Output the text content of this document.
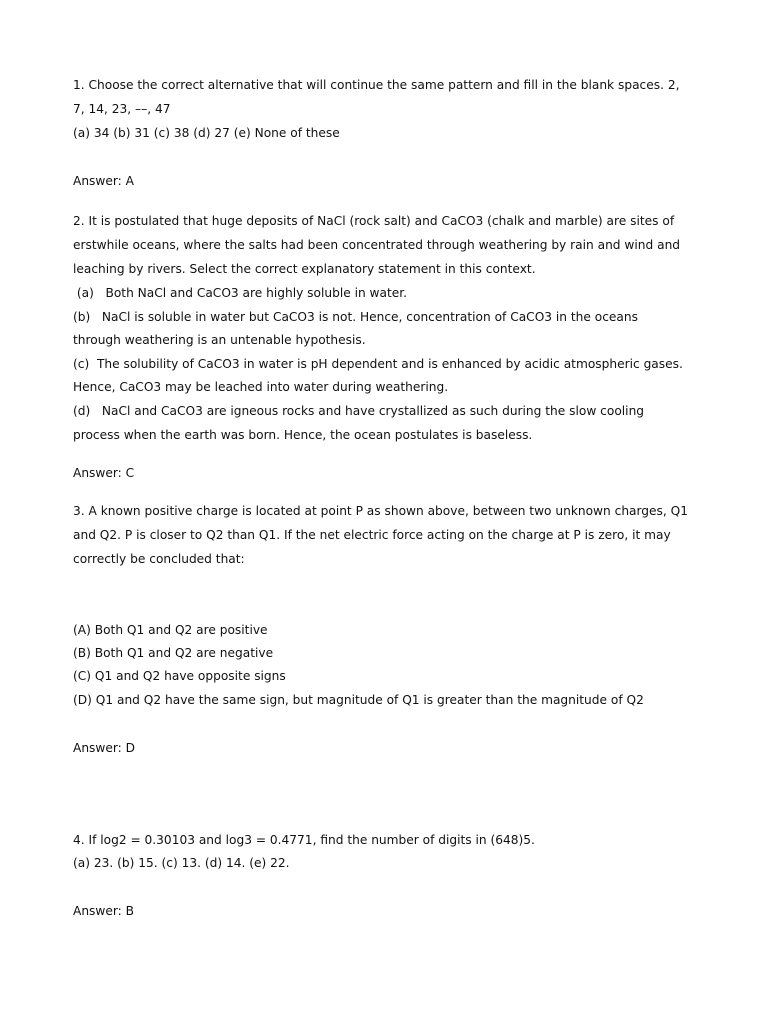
1. Choose the correct alternative that will continue the same pattern and fill in the blank spaces. 2,
7, 14, 23, ––, 47
(a) 34 (b) 31 (c) 38 (d) 27 (e) None of these
Answer: A
2. It is postulated that huge deposits of NaCl (rock salt) and CaCO3 (chalk and marble) are sites of
erstwhile oceans, where the salts had been concentrated through weathering by rain and wind and
leaching by rivers. Select the correct explanatory statement in this context.
(a)   Both NaCl and CaCO3 are highly soluble in water.
(b)   NaCl is soluble in water but CaCO3 is not. Hence, concentration of CaCO3 in the oceans
through weathering is an untenable hypothesis.
(c)  The solubility of CaCO3 in water is pH dependent and is enhanced by acidic atmospheric gases.
Hence, CaCO3 may be leached into water during weathering.
(d)   NaCl and CaCO3 are igneous rocks and have crystallized as such during the slow cooling
process when the earth was born. Hence, the ocean postulates is baseless.
Answer: C
3. A known positive charge is located at point P as shown above, between two unknown charges, Q1
and Q2. P is closer to Q2 than Q1. If the net electric force acting on the charge at P is zero, it may
correctly be concluded that:
(A) Both Q1 and Q2 are positive
(B) Both Q1 and Q2 are negative
(C) Q1 and Q2 have opposite signs
(D) Q1 and Q2 have the same sign, but magnitude of Q1 is greater than the magnitude of Q2
Answer: D
4. If log2 = 0.30103 and log3 = 0.4771, find the number of digits in (648)5.
(a) 23. (b) 15. (c) 13. (d) 14. (e) 22.
Answer: B
